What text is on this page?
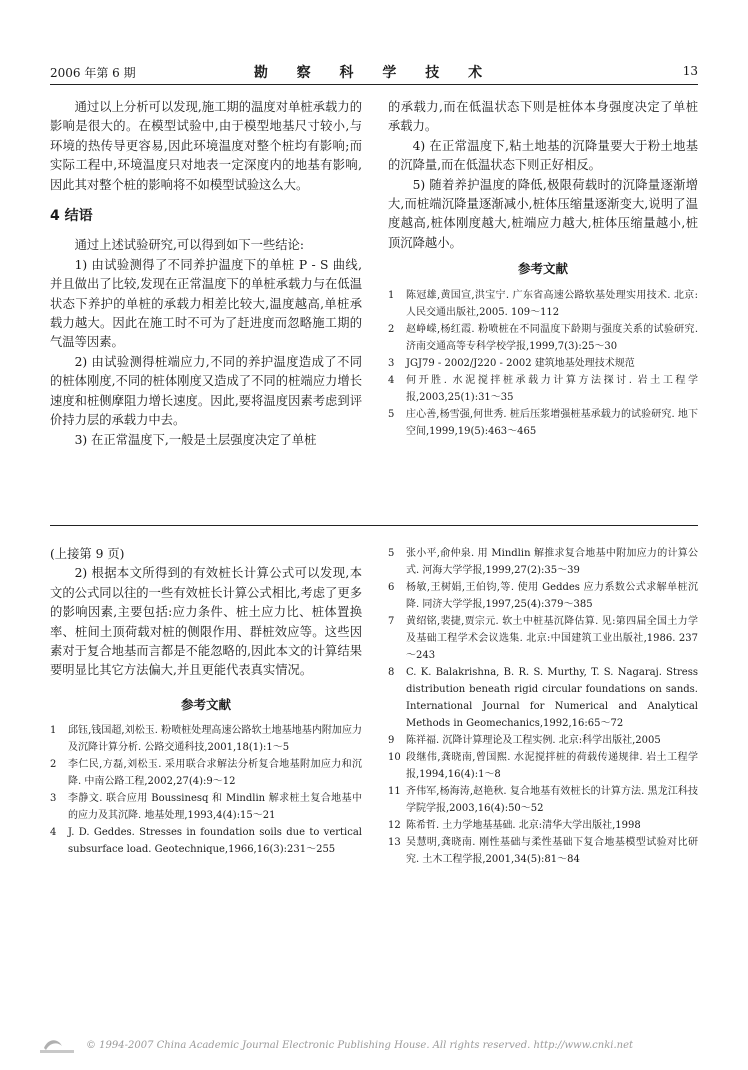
2006 年第 6 期	勘 察 科 学 技 术	13

通过以上分析可以发现,施工期的温度对单桩承载力的影响是很大的。在模型试验中,由于模型地基尺寸较小,与环境的热传导更容易,因此环境温度对整个桩均有影响;而实际工程中,环境温度只对地表一定深度内的地基有影响,因此其对整个桩的影响将不如模型试验这么大。

4 结语

通过上述试验研究,可以得到如下一些结论:

1) 由试验测得了不同养护温度下的单桩 P - S 曲线,并且做出了比较,发现在正常温度下的单桩承载力与在低温状态下养护的单桩的承载力相差比较大,温度越高,单桩承载力越大。因此在施工时不可为了赶进度而忽略施工期的气温等因素。

2) 由试验测得桩端应力,不同的养护温度造成了不同的桩体刚度,不同的桩体刚度又造成了不同的桩端应力增长速度和桩侧摩阻力增长速度。因此,要将温度因素考虑到评价持力层的承载力中去。

3) 在正常温度下,一般是土层强度决定了单桩

的承载力,而在低温状态下则是桩体本身强度决定了单桩承载力。

4) 在正常温度下,粘土地基的沉降量要大于粉土地基的沉降量,而在低温状态下则正好相反。

5) 随着养护温度的降低,极限荷载时的沉降量逐渐增大,而桩端沉降量逐渐减小,桩体压缩量逐渐变大,说明了温度越高,桩体刚度越大,桩端应力越大,桩体压缩量越小,桩顶沉降越小。

参考文献
1 陈冠雄,黄国宣,洪宝宁. 广东省高速公路软基处理实用技术. 北京:人民交通出版社,2005. 109～112
2 赵峥嵘,杨红霞. 粉喷桩在不同温度下龄期与强度关系的试验研究. 济南交通高等专科学校学报,1999,7(3):25～30
3 JGJ79 - 2002/J220 - 2002 建筑地基处理技术规范
4 何开胜. 水泥搅拌桩承载力计算方法探讨. 岩土工程学报,2003,25(1):31～35
5 庄心善,杨雪强,何世秀. 桩后压浆增强桩基承载力的试验研究. 地下空间,1999,19(5):463～465

(上接第 9 页)

2) 根据本文所得到的有效桩长计算公式可以发现,本文的公式同以往的一些有效桩长计算公式相比,考虑了更多的影响因素,主要包括:应力条件、桩土应力比、桩体置换率、桩间土顶荷载对桩的侧限作用、群桩效应等。这些因素对于复合地基而言都是不能忽略的,因此本文的计算结果要明显比其它方法偏大,并且更能代表真实情况。

参考文献
1 邱钰,钱国超,刘松玉. 粉喷桩处理高速公路软土地基地基内附加应力及沉降计算分析. 公路交通科技,2001,18(1):1～5
2 李仁民,方磊,刘松玉. 采用联合求解法分析复合地基附加应力和沉降. 中南公路工程,2002,27(4):9～12
3 李静文. 联合应用 Boussinesq 和 Mindlin 解求桩土复合地基中的应力及其沉降. 地基处理,1993,4(4):15～21
4 J. D. Geddes. Stresses in foundation soils due to vertical subsurface load. Geotechnique,1966,16(3):231～255
5 张小平,俞仲泉. 用 Mindlin 解推求复合地基中附加应力的计算公式. 河海大学学报,1999,27(2):35～39
6 杨敏,王树娟,王伯钧,等. 使用 Geddes 应力系数公式求解单桩沉降. 同济大学学报,1997,25(4):379～385
7 黄绍铭,裴捷,贾宗元. 软土中桩基沉降估算. 见:第四届全国土力学及基础工程学术会议选集. 北京:中国建筑工业出版社,1986. 237～243
8 C. K. Balakrishna, B. R. S. Murthy, T. S. Nagaraj. Stress distribution beneath rigid circular foundations on sands. International Journal for Numerical and Analytical Methods in Geomechanics,1992,16:65～72
9 陈祥福. 沉降计算理论及工程实例. 北京:科学出版社,2005
10 段继伟,龚晓南,曾国熙. 水泥搅拌桩的荷载传递规律. 岩土工程学报,1994,16(4):1～8
11 齐伟军,杨海涛,赵艳秋. 复合地基有效桩长的计算方法. 黑龙江科技学院学报,2003,16(4):50～52
12 陈希哲. 土力学地基基础. 北京:清华大学出版社,1998
13 吴慧明,龚晓南. 刚性基础与柔性基础下复合地基模型试验对比研究. 土木工程学报,2001,34(5):81～84
© 1994-2007 China Academic Journal Electronic Publishing House. All rights reserved. http://www.cnki.net
